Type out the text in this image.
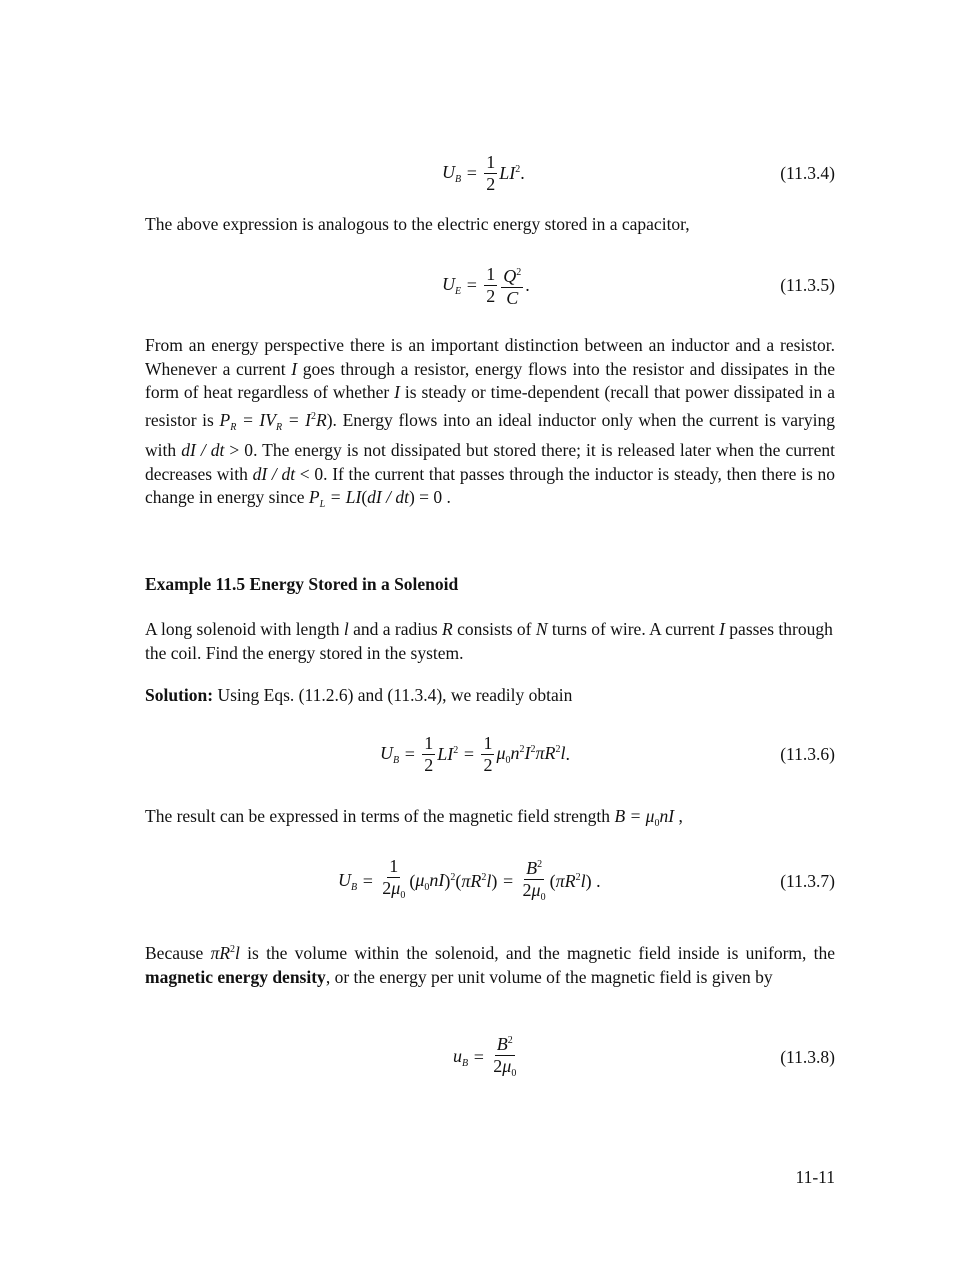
$U_B = \frac{1}{2} LI^2$ .	(11.3.4)

The above expression is analogous to the electric energy stored in a capacitor,

$U_E = \frac{1}{2} \frac{Q^2}{C}$ .	(11.3.5)

From an energy perspective there is an important distinction between an inductor and a resistor. Whenever a current I goes through a resistor, energy flows into the resistor and dissipates in the form of heat regardless of whether I is steady or time-dependent (recall that power dissipated in a resistor is $P_R = IV_R = I^2R$). Energy flows into an ideal inductor only when the current is varying with dI / dt > 0. The energy is not dissipated but stored there; it is released later when the current decreases with dI / dt < 0. If the current that passes through the inductor is steady, then there is no change in energy since $P_L = LI(dI / dt) = 0$ .

Example 11.5 Energy Stored in a Solenoid

A long solenoid with length l and a radius R consists of N turns of wire. A current I passes through the coil. Find the energy stored in the system.

Solution: Using Eqs. (11.2.6) and (11.3.4), we readily obtain

$U_B = \frac{1}{2} LI^2 = \frac{1}{2} \mu_0n^2I^2\pi R^2l$ .	(11.3.6)

The result can be expressed in terms of the magnetic field strength $B = \mu_0nI$ ,

$U_B = \frac{1}{2\mu_0}$ ( $\mu_0nI$ )$^2$( $\pi R^2l$ ) = $\frac{B^2}{2\mu_0}$ ( $\pi R^2l$ ) .	(11.3.7)

Because $\pi R^2l$ is the volume within the solenoid, and the magnetic field inside is uniform, the magnetic energy density, or the energy per unit volume of the magnetic field is given by

$u_B = \frac{B^2}{2\mu_0}$	(11.3.8)
11-11
